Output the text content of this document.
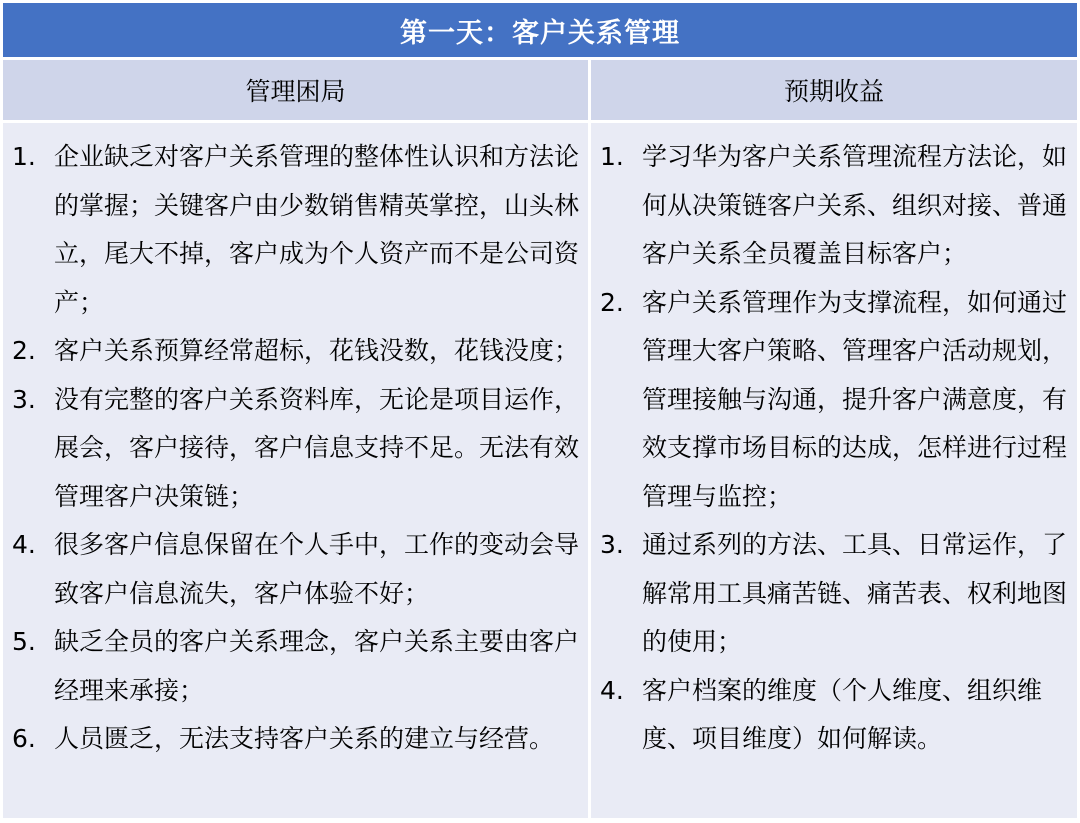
第一天：客户关系管理
管理困局	预期收益
1. 企业缺乏对客户关系管理的整体性认识和方法论的掌握；关键客户由少数销售精英掌控，山头林立，尾大不掉，客户成为个人资产而不是公司资产；
2. 客户关系预算经常超标，花钱没数，花钱没度；
3. 没有完整的客户关系资料库，无论是项目运作，展会，客户接待，客户信息支持不足。无法有效管理客户决策链；
4. 很多客户信息保留在个人手中，工作的变动会导致客户信息流失，客户体验不好；
5. 缺乏全员的客户关系理念，客户关系主要由客户经理来承接；
6. 人员匮乏，无法支持客户关系的建立与经营。
1. 学习华为客户关系管理流程方法论，如何从决策链客户关系、组织对接、普通客户关系全员覆盖目标客户；
2. 客户关系管理作为支撑流程，如何通过管理大客户策略、管理客户活动规划，管理接触与沟通，提升客户满意度，有效支撑市场目标的达成，怎样进行过程管理与监控；
3. 通过系列的方法、工具、日常运作，了解常用工具痛苦链、痛苦表、权利地图的使用；
4. 客户档案的维度（个人维度、组织维度、项目维度）如何解读。
